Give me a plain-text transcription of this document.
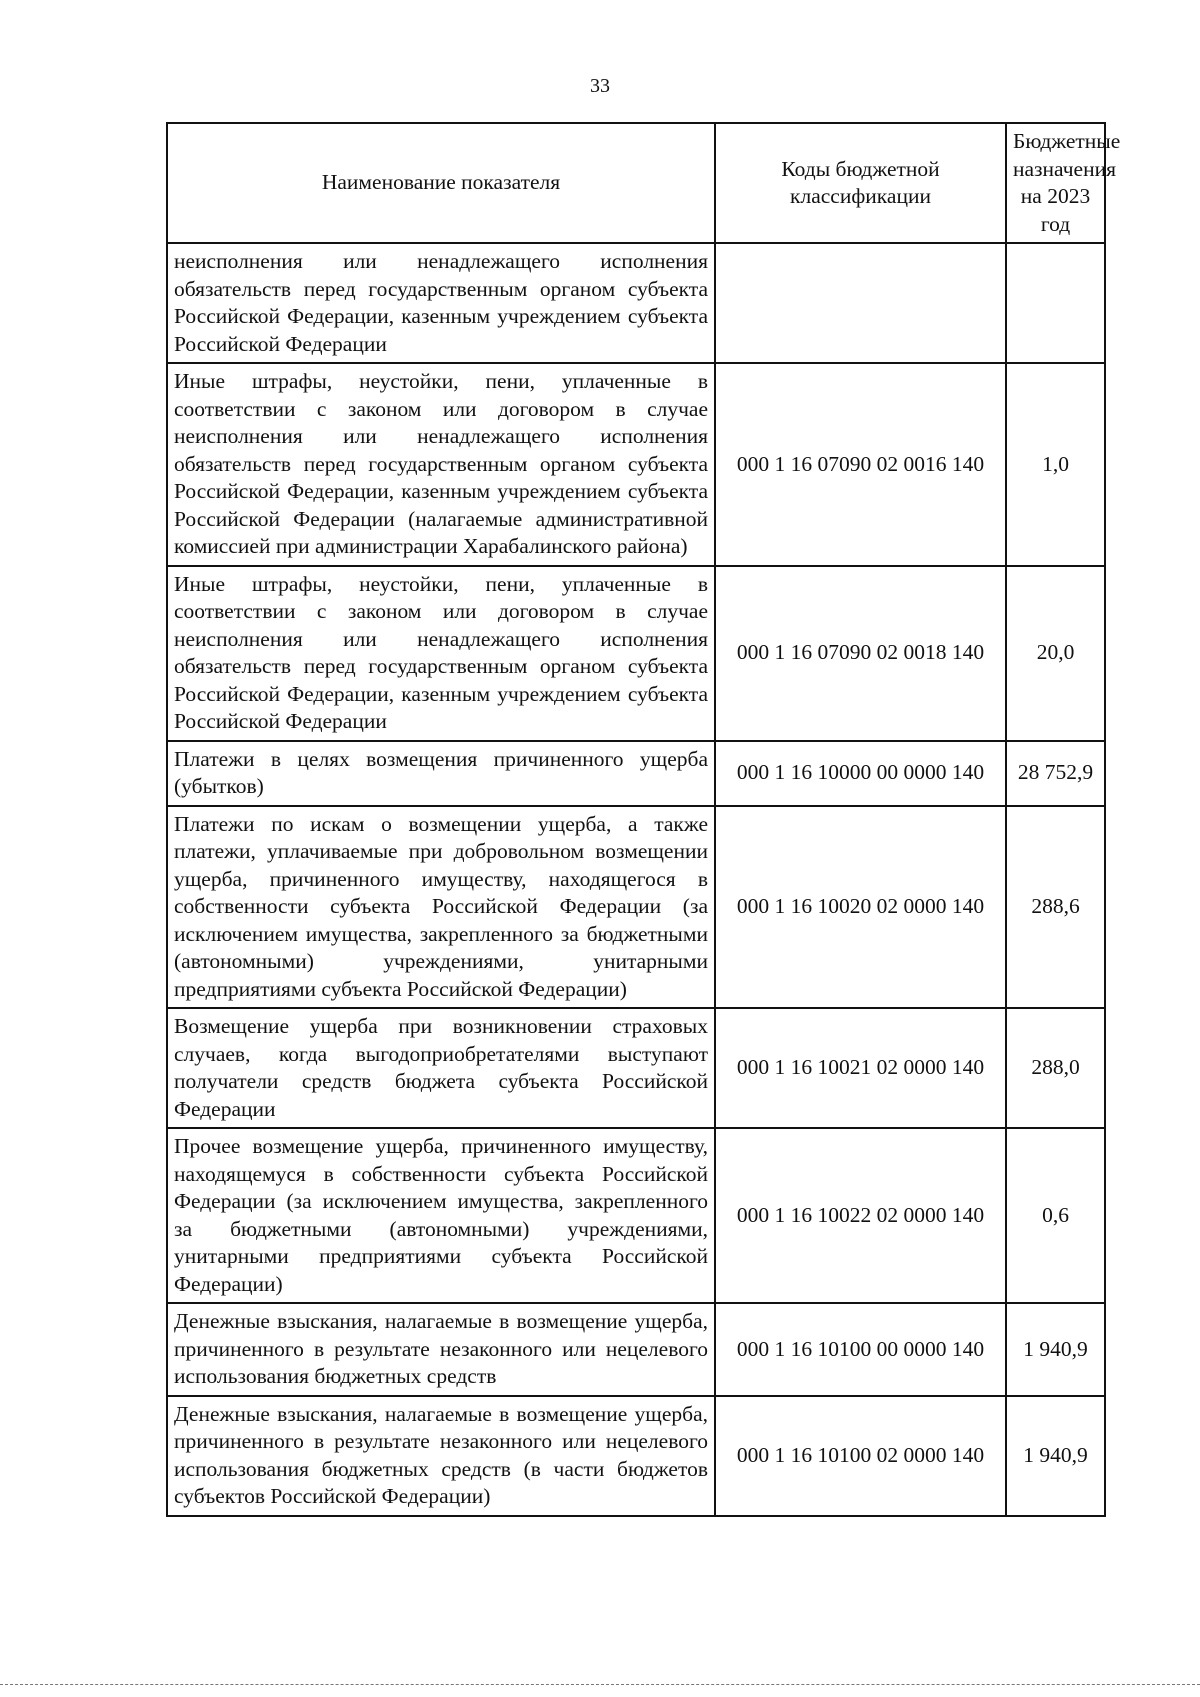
33
Наименование показателя	Коды бюджетной классификации	Бюджетные назначения на 2023 год
неисполнения или ненадлежащего исполнения обязательств перед государственным органом субъекта Российской Федерации, казенным учреждением субъекта Российской Федерации		
Иные штрафы, неустойки, пени, уплаченные в соответствии с законом или договором в случае неисполнения или ненадлежащего исполнения обязательств перед государственным органом субъекта Российской Федерации, казенным учреждением субъекта Российской Федерации (налагаемые административной комиссией при администрации Харабалинского района)	000 1 16 07090 02 0016 140	1,0
Иные штрафы, неустойки, пени, уплаченные в соответствии с законом или договором в случае неисполнения или ненадлежащего исполнения обязательств перед государственным органом субъекта Российской Федерации, казенным учреждением субъекта Российской Федерации	000 1 16 07090 02 0018 140	20,0
Платежи в целях возмещения причиненного ущерба (убытков)	000 1 16 10000 00 0000 140	28 752,9
Платежи по искам о возмещении ущерба, а также платежи, уплачиваемые при добровольном возмещении ущерба, причиненного имуществу, находящегося в собственности субъекта Российской Федерации (за исключением имущества, закрепленного за бюджетными (автономными) учреждениями, унитарными предприятиями субъекта Российской Федерации)	000 1 16 10020 02 0000 140	288,6
Возмещение ущерба при возникновении страховых случаев, когда выгодоприобретателями выступают получатели средств бюджета субъекта Российской Федерации	000 1 16 10021 02 0000 140	288,0
Прочее возмещение ущерба, причиненного имуществу, находящемуся в собственности субъекта Российской Федерации (за исключением имущества, закрепленного за бюджетными (автономными) учреждениями, унитарными предприятиями субъекта Российской Федерации)	000 1 16 10022 02 0000 140	0,6
Денежные взыскания, налагаемые в возмещение ущерба, причиненного в результате незаконного или нецелевого использования бюджетных средств	000 1 16 10100 00 0000 140	1 940,9
Денежные взыскания, налагаемые в возмещение ущерба, причиненного в результате незаконного или нецелевого использования бюджетных средств (в части бюджетов субъектов Российской Федерации)	000 1 16 10100 02 0000 140	1 940,9
